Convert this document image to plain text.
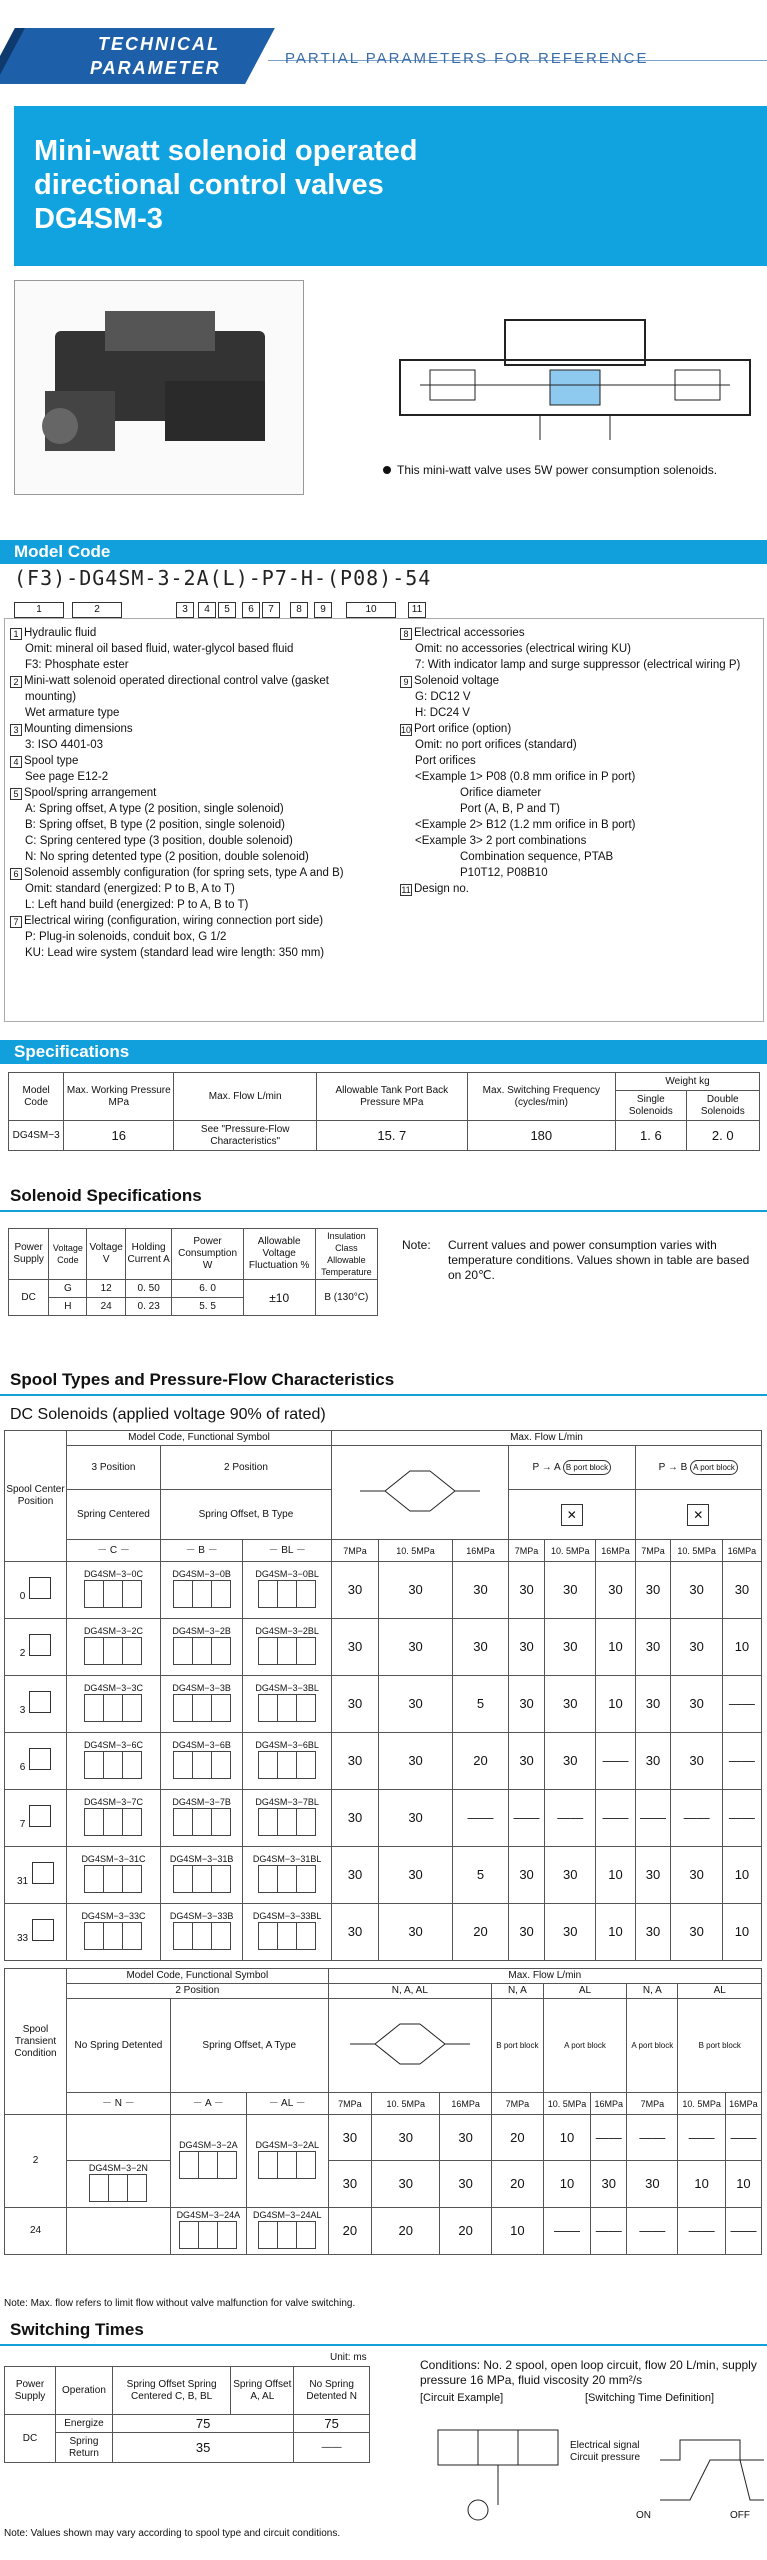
TECHNICAL
PARAMETER	PARTIAL PARAMETERS FOR REFERENCE
Mini-watt solenoid operated
directional control valves
DG4SM-3
This mini-watt valve uses 5W power consumption solenoids.
Model Code
(F3)-DG4SM-3-2A(L)-P7-H-(P08)-54
1	2	3	4	5	6	7	8	9	10	11
1 Hydraulic fluid
Omit: mineral oil based fluid, water-glycol based fluid
F3: Phosphate ester
2 Mini-watt solenoid operated directional control valve (gasket
mounting)
Wet armature type
3 Mounting dimensions
3: ISO 4401-03
4 Spool type
See page E12-2
5 Spool/spring arrangement
A: Spring offset, A type (2 position, single solenoid)
B: Spring offset, B type (2 position, single solenoid)
C: Spring centered type (3 position, double solenoid)
N: No spring detented type (2 position, double solenoid)
6 Solenoid assembly configuration (for spring sets, type A and B)
Omit: standard (energized: P to B, A to T)
L: Left hand build (energized: P to A, B to T)
7 Electrical wiring (configuration, wiring connection port side)
P: Plug-in solenoids, conduit box, G 1/2
KU: Lead wire system (standard lead wire length: 350 mm)
8 Electrical accessories
Omit: no accessories (electrical wiring KU)
7: With indicator lamp and surge suppressor (electrical wiring P)
9 Solenoid voltage
G: DC12 V
H: DC24 V
10 Port orifice (option)
Omit: no port orifices (standard)
Port orifices
<Example 1> P08 (0.8 mm orifice in P port)
Orifice diameter
Port (A, B, P and T)
<Example 2> B12 (1.2 mm orifice in B port)
<Example 3> 2 port combinations
Combination sequence, PTAB
P10T12, P08B10
11 Design no.
Specifications
Model Code	Max. Working Pressure MPa	Max. Flow L/min	Allowable Tank Port Back Pressure MPa	Max. Switching Frequency (cycles/min)	Weight kg	
					Single Solenoids	Double Solenoids
DG4SM−3	16	See "Pressure-Flow Characteristics"	15. 7	180	1. 6	2. 0
Solenoid Specifications
Power Supply	Voltage Code	Voltage V	Holding Current A	Power Consumption W	Allowable Voltage Fluctuation %	Insulation Class
Allowable Temperature
DC	G	12	0. 50	6. 0	±10	B (130°C)
	H	24	0. 23	5. 5		
Note: Current values and power consumption varies with temperature conditions. Values shown in table are based on 20℃.
Spool Types and Pressure-Flow Characteristics
DC Solenoids (applied voltage 90% of rated)
Spool Center Position	Model Code, Functional Symbol			Max. Flow L/min								
	3 Position	2 Position					P → A B port block			P → B A port block		
	Spring Centered	Spring Offset, B Type					✕			✕		
	－ C －	－ B －	－ BL －	7MPa	10. 5MPa	16MPa	7MPa	10. 5MPa	16MPa	7MPa	10. 5MPa	16MPa
0	DG4SM−3−0C	DG4SM−3−0B	DG4SM−3−0BL	30	30	30	30	30	30	30	30	30
2	DG4SM−3−2C	DG4SM−3−2B	DG4SM−3−2BL	30	30	30	30	30	10	30	30	10
3	DG4SM−3−3C	DG4SM−3−3B	DG4SM−3−3BL	30	30	5	30	30	10	30	30	——
6	DG4SM−3−6C	DG4SM−3−6B	DG4SM−3−6BL	30	30	20	30	30	——	30	30	——
7	DG4SM−3−7C	DG4SM−3−7B	DG4SM−3−7BL	30	30	——	——	——	——	——	——	——
31	DG4SM−3−31C	DG4SM−3−31B	DG4SM−3−31BL	30	30	5	30	30	10	30	30	10
33	DG4SM−3−33C	DG4SM−3−33B	DG4SM−3−33BL	30	30	20	30	30	10	30	30	10
Spool Transient Condition	Model Code, Functional Symbol			Max. Flow L/min								
	2 Position			N, A, AL			N, A	AL		N, A	AL	
	No Spring Detented	Spring Offset, A Type					B port block	A port block		A port block	B port block	
	－ N －	－ A －	－ AL －	7MPa	10. 5MPa	16MPa	7MPa	10. 5MPa	16MPa	7MPa	10. 5MPa	16MPa
2		DG4SM−3−2A	DG4SM−3−2AL	30	30	30	20	10	——	——	——	——

	DG4SM−3−2N			30	30	30	20	10	30	30	10	10
24		DG4SM−3−24A	DG4SM−3−24AL	20	20	20	10	——	——	——	——	——
Note: Max. flow refers to limit flow without valve malfunction for valve switching.
Switching Times
Unit: ms
Power Supply	Operation	Spring Offset Spring Centered C, B, BL	Spring Offset A, AL	No Spring Detented N
DC	Energize	75		75
	Spring Return	35		——
Conditions: No. 2 spool, open loop circuit, flow 20 L/min, supply pressure 16 MPa, fluid viscosity 20 mm²/s
[Circuit Example]	[Switching Time Definition]
Electrical signal
Circuit pressure
ON	OFF
Note: Values shown may vary according to spool type and circuit conditions.
